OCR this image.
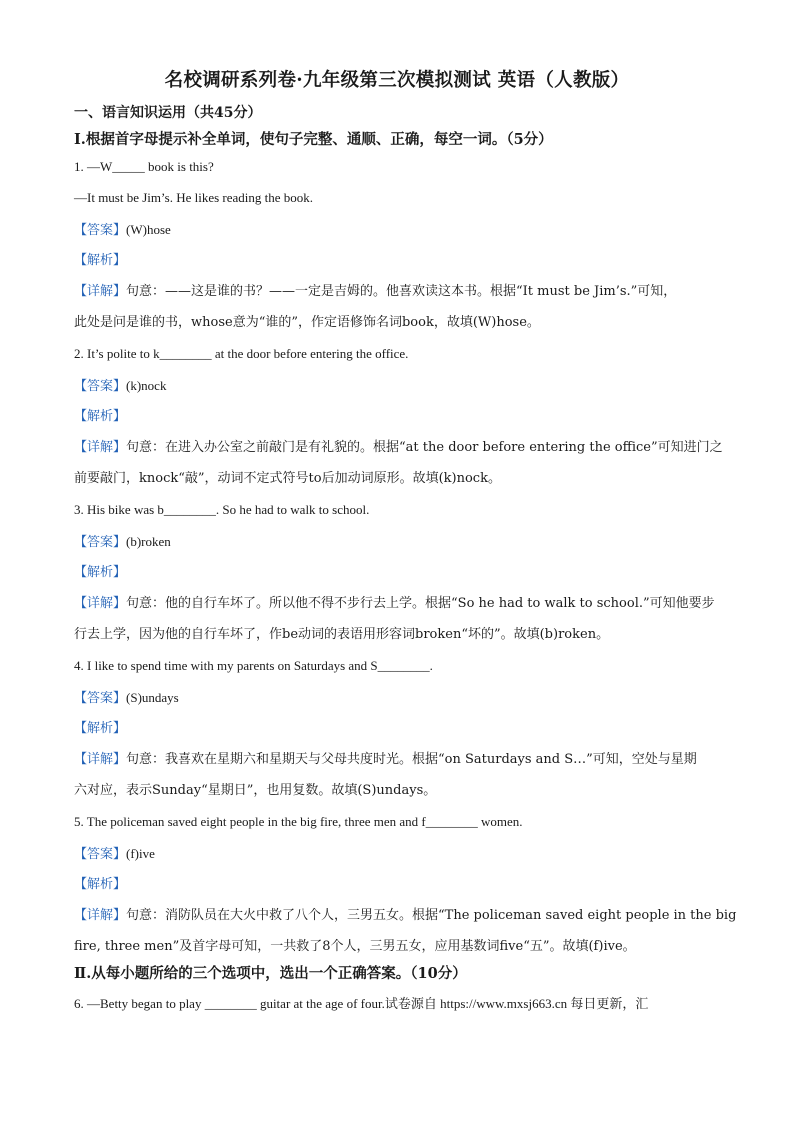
名校调研系列卷·九年级第三次模拟测试 英语（人教版）
一、语言知识运用（共45分）
I.根据首字母提示补全单词，使句子完整、通顺、正确，每空一词。（5分）
1. —W_____ book is this?
—It must be Jim’s. He likes reading the book.
【答案】(W)hose
【解析】
【详解】句意：——这是谁的书？——一定是吉姆的。他喜欢读这本书。根据“It must be Jim’s.”可知，
此处是问是谁的书，whose意为“谁的”，作定语修饰名词book，故填(W)hose。
2. It’s polite to k________ at the door before entering the office.
【答案】(k)nock
【解析】
【详解】句意：在进入办公室之前敲门是有礼貌的。根据“at the door before entering the office”可知进门之
前要敲门，knock“敲”，动词不定式符号to后加动词原形。故填(k)nock。
3. His bike was b________. So he had to walk to school.
【答案】(b)roken
【解析】
【详解】句意：他的自行车坏了。所以他不得不步行去上学。根据“So he had to walk to school.”可知他要步
行去上学，因为他的自行车坏了，作be动词的表语用形容词broken“坏的”。故填(b)roken。
4. I like to spend time with my parents on Saturdays and S________.
【答案】(S)undays
【解析】
【详解】句意：我喜欢在星期六和星期天与父母共度时光。根据“on Saturdays and S…”可知，空处与星期
六对应，表示Sunday“星期日”，也用复数。故填(S)undays。
5. The policeman saved eight people in the big fire, three men and f________ women.
【答案】(f)ive
【解析】
【详解】句意：消防队员在大火中救了八个人，三男五女。根据“The policeman saved eight people in the big
fire, three men”及首字母可知，一共救了8个人，三男五女，应用基数词five“五”。故填(f)ive。
Ⅱ.从每小题所给的三个选项中，选出一个正确答案。（10分）
6. —Betty began to play ________ guitar at the age of four.试卷源自 https://www.mxsj663.cn 每日更新，汇
